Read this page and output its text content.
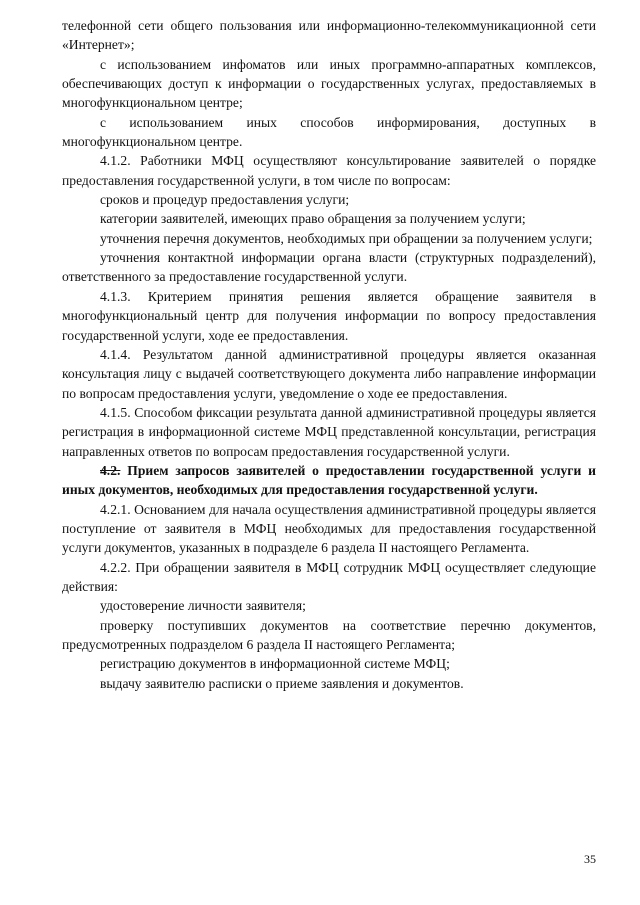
телефонной сети общего пользования или информационно-телекоммуникационной сети «Интернет»;

с использованием инфоматов или иных программно-аппаратных комплексов, обеспечивающих доступ к информации о государственных услугах, предоставляемых в многофункциональном центре;

с использованием иных способов информирования, доступных в многофункциональном центре.

4.1.2. Работники МФЦ осуществляют консультирование заявителей о порядке предоставления государственной услуги, в том числе по вопросам:

сроков и процедур предоставления услуги;

категории заявителей, имеющих право обращения за получением услуги;

уточнения перечня документов, необходимых при обращении за получением услуги;

уточнения контактной информации органа власти (структурных подразделений), ответственного за предоставление государственной услуги.

4.1.3. Критерием принятия решения является обращение заявителя в многофункциональный центр для получения информации по вопросу предоставления государственной услуги, ходе ее предоставления.

4.1.4. Результатом данной административной процедуры является оказанная консультация лицу с выдачей соответствующего документа либо направление информации по вопросам предоставления услуги, уведомление о ходе ее предоставления.

4.1.5. Способом фиксации результата данной административной процедуры является регистрация в информационной системе МФЦ представленной консультации, регистрация направленных ответов по вопросам предоставления государственной услуги.

4.2. Прием запросов заявителей о предоставлении государственной услуги и иных документов, необходимых для предоставления государственной услуги.

4.2.1. Основанием для начала осуществления административной процедуры является поступление от заявителя в МФЦ необходимых для предоставления государственной услуги документов, указанных в подразделе 6 раздела II настоящего Регламента.

4.2.2. При обращении заявителя в МФЦ сотрудник МФЦ осуществляет следующие действия:

удостоверение личности заявителя;

проверку поступивших документов на соответствие перечню документов, предусмотренных подразделом 6 раздела II настоящего Регламента;

регистрацию документов в информационной системе МФЦ;

выдачу заявителю расписки о приеме заявления и документов.

35
